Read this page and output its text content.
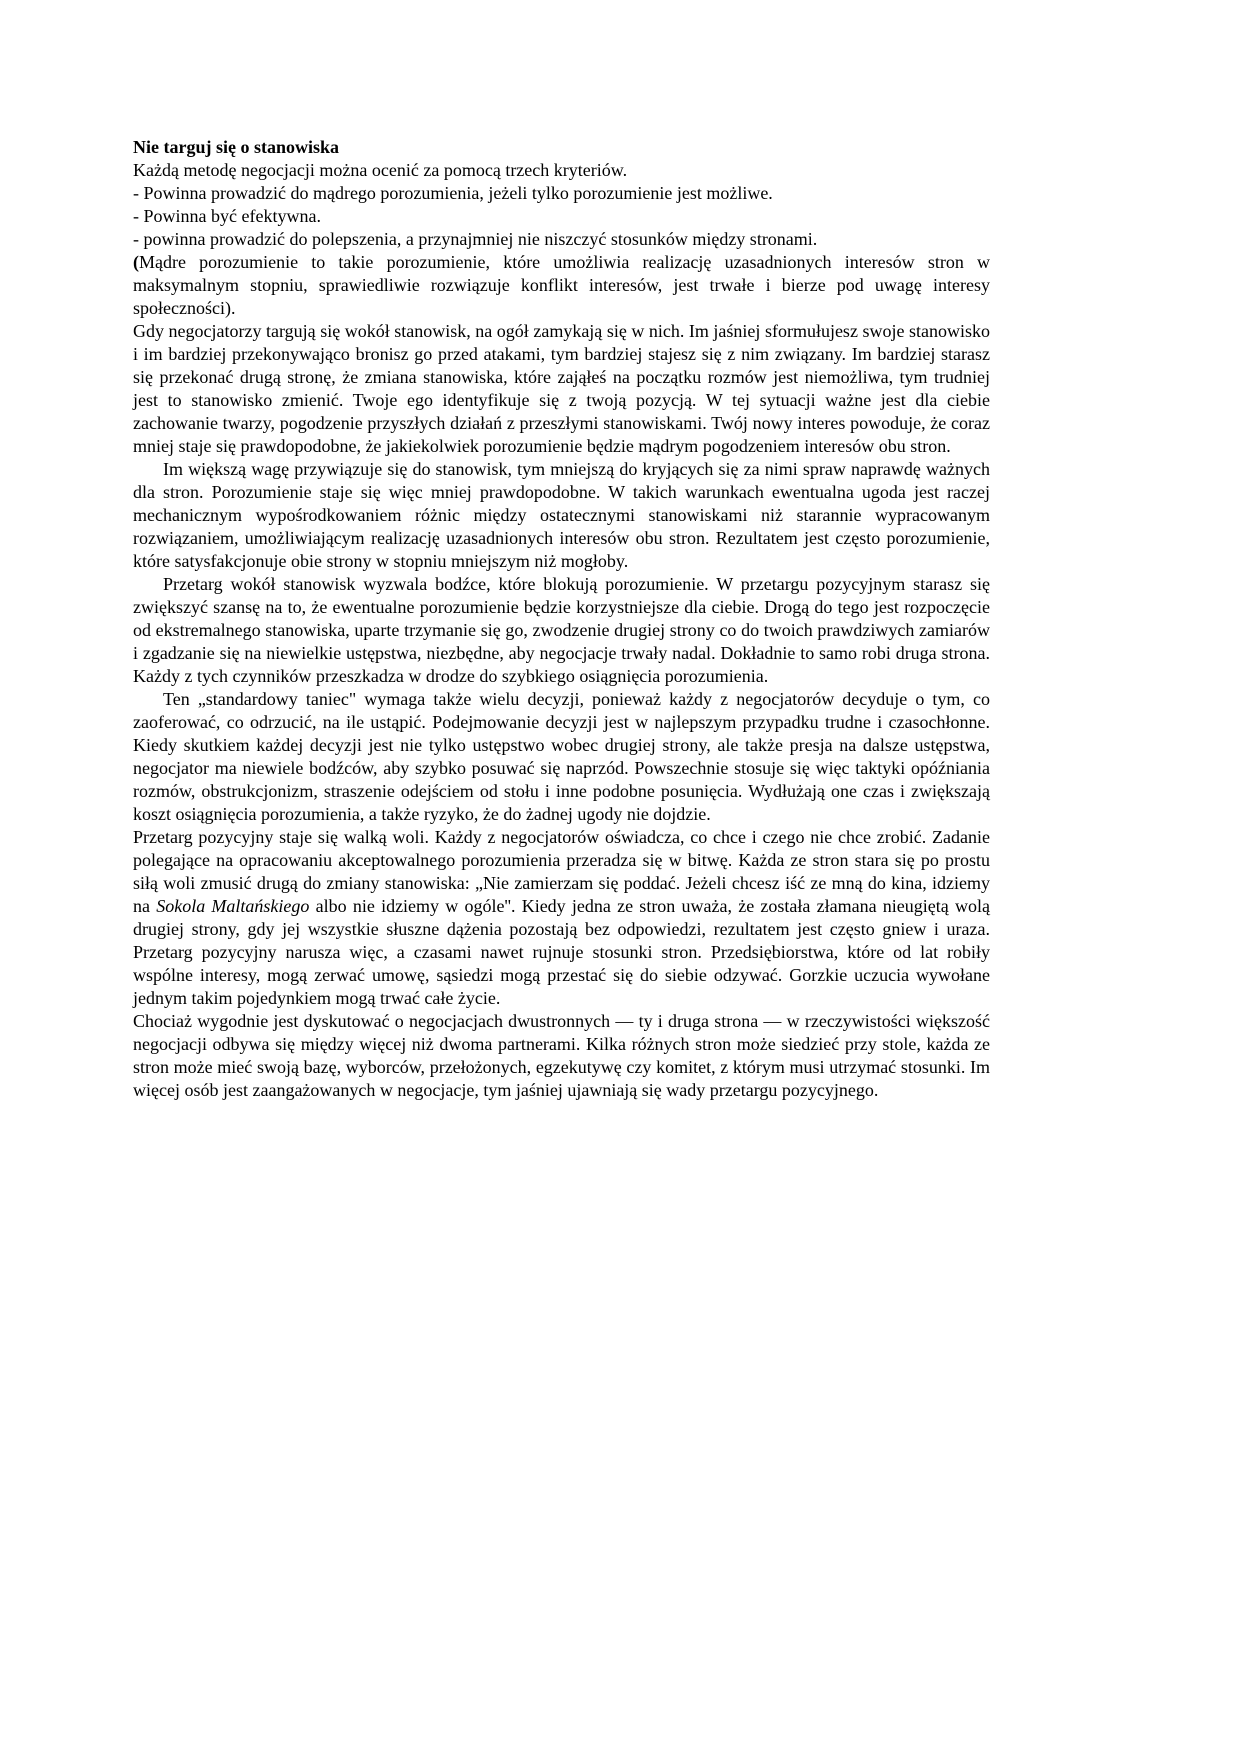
Nie targuj się o stanowiska

Każdą metodę negocjacji można ocenić za pomocą trzech kryteriów.

- Powinna prowadzić do mądrego porozumienia, jeżeli tylko porozumienie jest możliwe.

- Powinna być efektywna.

- powinna prowadzić do polepszenia, a przynajmniej nie niszczyć stosunków między stronami.

(Mądre porozumienie to takie porozumienie, które umożliwia realizację uzasadnionych interesów stron w maksymalnym stopniu, sprawiedliwie rozwiązuje konflikt interesów, jest trwałe i bierze pod uwagę interesy społeczności).

Gdy negocjatorzy targują się wokół stanowisk, na ogół zamykają się w nich. Im jaśniej sformułujesz swoje stanowisko i im bardziej przekonywająco bronisz go przed atakami, tym bardziej stajesz się z nim związany. Im bardziej starasz się przekonać drugą stronę, że zmiana stanowiska, które zająłeś na początku rozmów jest niemożliwa, tym trudniej jest to stanowisko zmienić. Twoje ego identyfikuje się z twoją pozycją. W tej sytuacji ważne jest dla ciebie zachowanie twarzy, pogodzenie przyszłych działań z przeszłymi stanowiskami. Twój nowy interes powoduje, że coraz mniej staje się prawdopodobne, że jakiekolwiek porozumienie będzie mądrym pogodzeniem interesów obu stron.

Im większą wagę przywiązuje się do stanowisk, tym mniejszą do kryjących się za nimi spraw naprawdę ważnych dla stron. Porozumienie staje się więc mniej prawdopodobne. W takich warunkach ewentualna ugoda jest raczej mechanicznym wypośrodkowaniem różnic między ostatecznymi stanowiskami niż starannie wypracowanym rozwiązaniem, umożliwiającym realizację uzasadnionych interesów obu stron. Rezultatem jest często porozumienie, które satysfakcjonuje obie strony w stopniu mniejszym niż mogłoby.

Przetarg wokół stanowisk wyzwala bodźce, które blokują porozumienie. W przetargu pozycyjnym starasz się zwiększyć szansę na to, że ewentualne porozumienie będzie korzystniejsze dla ciebie. Drogą do tego jest rozpoczęcie od ekstremalnego stanowiska, uparte trzymanie się go, zwodzenie drugiej strony co do twoich prawdziwych zamiarów i zgadzanie się na niewielkie ustępstwa, niezbędne, aby negocjacje trwały nadal. Dokładnie to samo robi druga strona. Każdy z tych czynników przeszkadza w drodze do szybkiego osiągnięcia porozumienia.

Ten „standardowy taniec" wymaga także wielu decyzji, ponieważ każdy z negocjatorów decyduje o tym, co zaoferować, co odrzucić, na ile ustąpić. Podejmowanie decyzji jest w najlepszym przypadku trudne i czasochłonne. Kiedy skutkiem każdej decyzji jest nie tylko ustępstwo wobec drugiej strony, ale także presja na dalsze ustępstwa, negocjator ma niewiele bodźców, aby szybko posuwać się naprzód. Powszechnie stosuje się więc taktyki opóźniania rozmów, obstrukcjonizm, straszenie odejściem od stołu i inne podobne posunięcia. Wydłużają one czas i zwiększają koszt osiągnięcia porozumienia, a także ryzyko, że do żadnej ugody nie dojdzie.

Przetarg pozycyjny staje się walką woli. Każdy z negocjatorów oświadcza, co chce i czego nie chce zrobić. Zadanie polegające na opracowaniu akceptowalnego porozumienia przeradza się w bitwę. Każda ze stron stara się po prostu siłą woli zmusić drugą do zmiany stanowiska: „Nie zamierzam się poddać. Jeżeli chcesz iść ze mną do kina, idziemy na Sokola Maltańskiego albo nie idziemy w ogóle''. Kiedy jedna ze stron uważa, że została złamana nieugiętą wolą drugiej strony, gdy jej wszystkie słuszne dążenia pozostają bez odpowiedzi, rezultatem jest często gniew i uraza. Przetarg pozycyjny narusza więc, a czasami nawet rujnuje stosunki stron. Przedsiębiorstwa, które od lat robiły wspólne interesy, mogą zerwać umowę, sąsiedzi mogą przestać się do siebie odzywać. Gorzkie uczucia wywołane jednym takim pojedynkiem mogą trwać całe życie.

Chociaż wygodnie jest dyskutować o negocjacjach dwustronnych — ty i druga strona — w rzeczywistości większość negocjacji odbywa się między więcej niż dwoma partnerami. Kilka różnych stron może siedzieć przy stole, każda ze stron może mieć swoją bazę, wyborców, przełożonych, egzekutywę czy komitet, z którym musi utrzymać stosunki. Im więcej osób jest zaangażowanych w negocjacje, tym jaśniej ujawniają się wady przetargu pozycyjnego.
